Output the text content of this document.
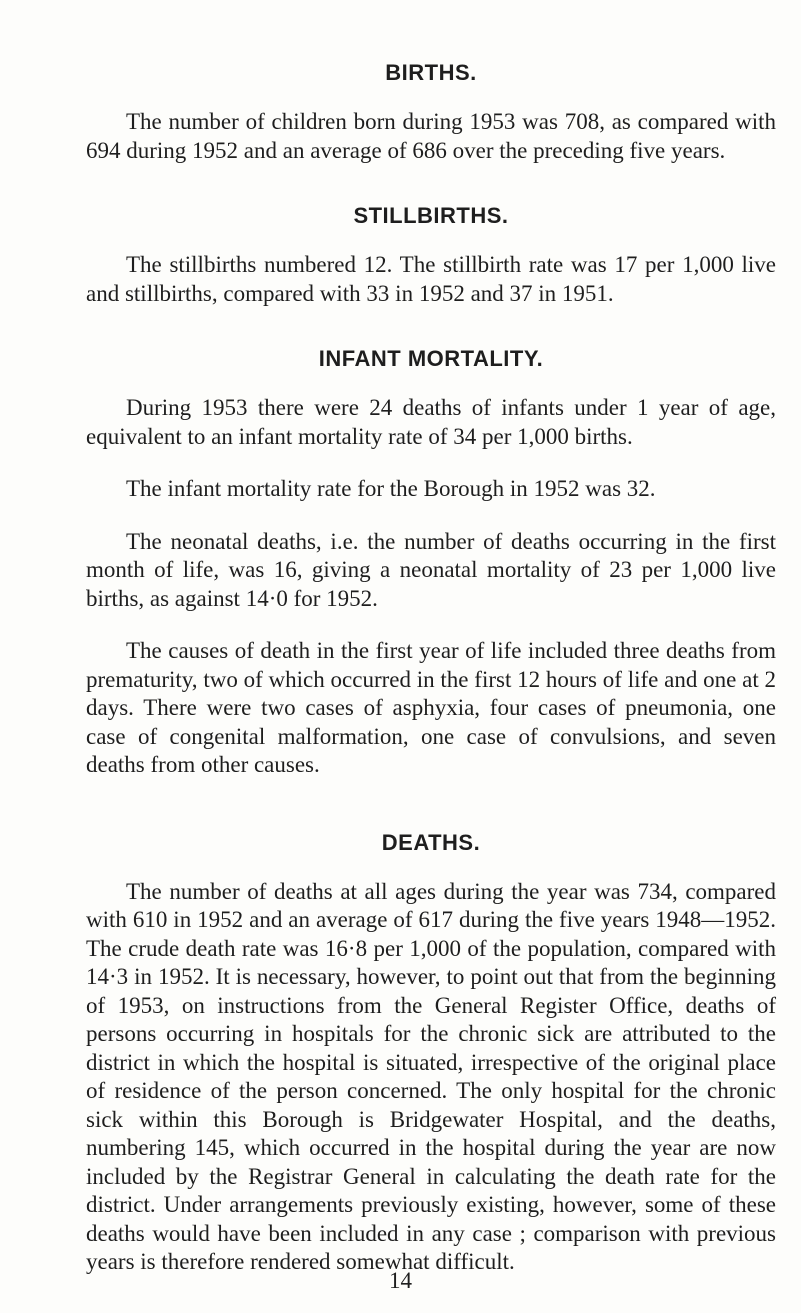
BIRTHS.

The number of children born during 1953 was 708, as compared with 694 during 1952 and an average of 686 over the preceding five years.

STILLBIRTHS.

The stillbirths numbered 12. The stillbirth rate was 17 per 1,000 live and stillbirths, compared with 33 in 1952 and 37 in 1951.

INFANT MORTALITY.

During 1953 there were 24 deaths of infants under 1 year of age, equivalent to an infant mortality rate of 34 per 1,000 births.

The infant mortality rate for the Borough in 1952 was 32.

The neonatal deaths, i.e. the number of deaths occurring in the first month of life, was 16, giving a neonatal mortality of 23 per 1,000 live births, as against 14·0 for 1952.

The causes of death in the first year of life included three deaths from prematurity, two of which occurred in the first 12 hours of life and one at 2 days. There were two cases of asphyxia, four cases of pneumonia, one case of congenital malformation, one case of convulsions, and seven deaths from other causes.

DEATHS.

The number of deaths at all ages during the year was 734, compared with 610 in 1952 and an average of 617 during the five years 1948—1952. The crude death rate was 16·8 per 1,000 of the population, compared with 14·3 in 1952. It is necessary, however, to point out that from the beginning of 1953, on instructions from the General Register Office, deaths of persons occurring in hospitals for the chronic sick are attributed to the district in which the hospital is situated, irrespective of the original place of residence of the person concerned. The only hospital for the chronic sick within this Borough is Bridgewater Hospital, and the deaths, numbering 145, which occurred in the hospital during the year are now included by the Registrar General in calculating the death rate for the district. Under arrangements previously existing, however, some of these deaths would have been included in any case ; comparison with previous years is therefore rendered somewhat difficult.

14
